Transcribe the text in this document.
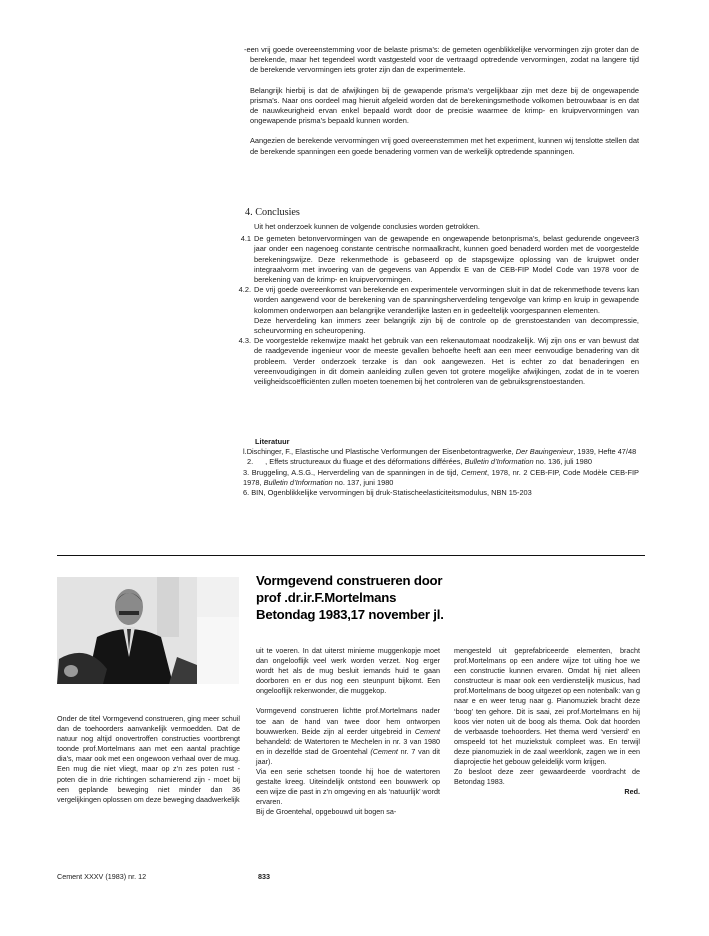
-een vrij goede overeenstemming voor de belaste prisma’s: de gemeten ogenblikkelijke vervormingen zijn groter dan de berekende, maar het tegendeel wordt vastgesteld voor de vertraagd optredende vervormingen, zodat na langere tijd de berekende vervormingen iets groter zijn dan de experimentele.

Belangrijk hierbij is dat de afwijkingen bij de gewapende prisma’s vergelijkbaar zijn met deze bij de ongewapende prisma’s. Naar ons oordeel mag hieruit afgeleid worden dat de berekeningsmethode volkomen betrouwbaar is en dat de nauwkeurigheid ervan enkel bepaald wordt door de precisie waarmee de krimp- en kruipvervormingen van ongewapende prisma’s bepaald kunnen worden.

Aangezien de berekende vervormingen vrij goed overeenstemmen met het experiment, kunnen wij tenslotte stellen dat de berekende spanningen een goede benadering vormen van de werkelijk optredende spanningen.

4. Conclusies

Uit het onderzoek kunnen de volgende conclusies worden getrokken.

4.1 De gemeten betonvervormingen van de gewapende en ongewapende betonprisma’s, belast gedurende ongeveer3 jaar onder een nagenoeg constante centrische normaalkracht, kunnen goed benaderd worden met de voorgestelde berekeningswijze. Deze rekenmethode is gebaseerd op de stapsgewijze oplossing van de kruipwet onder integraalvorm met invoering van de gegevens van Appendix E van de CEB-FIP Model Code van 1978 voor de berekening van de krimp- en kruipvervormingen.
4.2. De vrij goede overeenkomst van berekende en experimentele vervormingen sluit in dat de rekenmethode tevens kan worden aangewend voor de berekening van de spanningsherverdeling tengevolge van krimp en kruip in gewapende kolommen onderworpen aan belangrijke veranderlijke lasten en in gedeeltelijk voorgespannen elementen.
Deze herverdeling kan immers zeer belangrijk zijn bij de controle op de grenstoestanden van decompressie, scheurvorming en scheuropening.
4.3. De voorgestelde rekenwijze maakt het gebruik van een rekenautomaat noodzakelijk. Wij zijn ons er van bewust dat de raadgevende ingenieur voor de meeste gevallen behoefte heeft aan een meer eenvoudige benadering van dit probleem. Verder onderzoek terzake is dan ook aangewezen. Het is echter zo dat benaderingen en vereenvoudigingen in dit domein aanleiding zullen geven tot grotere mogelijke afwijkingen, zodat de in te voeren veiligheidscoëfficiënten zullen moeten toenemen bij het controleren van de gebruiksgrenstoestanden.

Literatuur

l.Dischinger, F., Elastische und Plastische Verformungen der Eisenbetontragwerke, Der Bauingenieur, 1939, Hefte 47/48

2. , Effets structureaux du fluage et des déformations différées, Bulletin d’Information no. 136, juli 1980

3. Bruggeling, A.S.G., Herverdeling van de spanningen in de tijd, Cement, 1978, nr. 2 CEB-FIP, Code Modèle CEB-FIP 1978, Bulletin d’Information no. 137, juni 1980

6. BIN, Ogenblikkelijke vervormingen bij druk-Statischeelasticiteitsmodulus, NBN 15-203

Vormgevend construeren door
prof .dr.ir.F.Mortelmans
Betondag 1983,17 november jl.

Onder de titel Vormgevend construeren, ging meer schuil dan de toehoorders aanvankelijk vermoedden. Dat de natuur nog altijd onovertroffen constructies voortbrengt toonde prof.Mortelmans aan met een aantal prachtige dia’s, maar ook met een ongewoon verhaal over de mug. Een mug die niet vliegt, maar op z’n zes poten rust - poten die in drie richtingen scharnierend zijn - moet bij een geplande beweging niet minder dan 36 vergelijkingen oplossen om deze beweging daadwerkelijk

uit te voeren. In dat uiterst minieme muggenkopje moet dan ongelooflijk veel werk worden verzet. Nog erger wordt het als de mug besluit iemands huid te gaan doorboren en er dus nog een steunpunt bijkomt. Een ongelooflijk rekenwonder, die muggekop.

Vormgevend construeren lichtte prof.Mortelmans nader toe aan de hand van twee door hem ontworpen bouwwerken. Beide zijn al eerder uitgebreid in Cement behandeld: de Watertoren te Mechelen in nr. 3 van 1980 en in dezelfde stad de Groentehal (Cement nr. 7 van dit jaar).

Via een serie schetsen toonde hij hoe de watertoren gestalte kreeg. Uiteindelijk ontstond een bouwwerk op een wijze die past in z’n omgeving en als ‘natuurlijk’ wordt ervaren.

Bij de Groentehal, opgebouwd uit bogen sa-

mengesteld uit geprefabriceerde elementen, bracht prof.Mortelmans op een andere wijze tot uiting hoe we een constructie kunnen ervaren. Omdat hij niet alleen constructeur is maar ook een verdienstelijk musicus, had prof.Mortelmans de boog uitgezet op een notenbalk: van g naar e en weer terug naar g. Pianomuziek bracht deze ‘boog’ ten gehore. Dit is saai, zei prof.Mortelmans en hij koos vier noten uit de boog als thema. Ook dat hoorden de verbaasde toehoorders. Het thema werd ‘versierd’ en omspeeld tot het muziekstuk compleet was. En terwijl deze pianomuziek in de zaal weerklonk, zagen we in een diaprojectie het gebouw geleidelijk vorm krijgen.

Zo besloot deze zeer gewaardeerde voordracht de Betondag 1983.

Red.

Cement XXXV (1983) nr. 12	833
